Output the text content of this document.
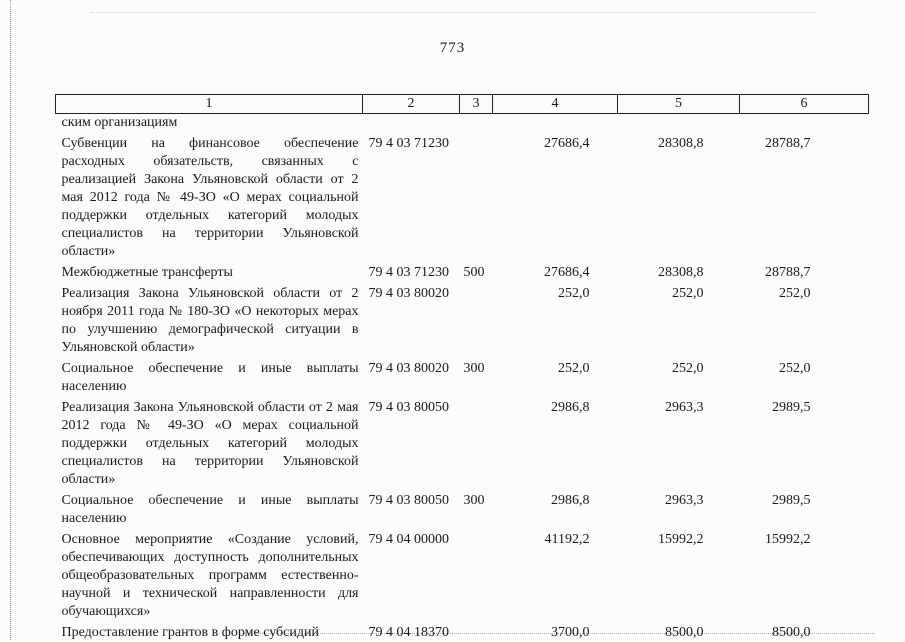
773
1	2	3	4	5	6
ским организациям					
Субвенции на финансовое обеспечение расходных обязательств, связанных с реализацией Закона Ульяновской области от 2 мая 2012 года № 49-ЗО «О мерах социальной поддержки отдельных категорий молодых специалистов на территории Ульяновской области»	79 4 03 71230		27686,4	28308,8	28788,7
Межбюджетные трансферты	79 4 03 71230	500	27686,4	28308,8	28788,7
Реализация Закона Ульяновской области от 2 ноября 2011 года № 180-ЗО «О некоторых мерах по улучшению демографической ситуации в Ульяновской области»	79 4 03 80020		252,0	252,0	252,0
Социальное обеспечение и иные выплаты населению	79 4 03 80020	300	252,0	252,0	252,0
Реализация Закона Ульяновской области от 2 мая 2012 года № 49-ЗО «О мерах социальной поддержки отдельных категорий молодых специалистов на территории Ульяновской области»	79 4 03 80050		2986,8	2963,3	2989,5
Социальное обеспечение и иные выплаты населению	79 4 03 80050	300	2986,8	2963,3	2989,5
Основное мероприятие «Создание условий, обеспечивающих доступность дополнительных общеобразовательных программ естественно-научной и технической направленности для обучающихся»	79 4 04 00000		41192,2	15992,2	15992,2
Предоставление грантов в форме субсидий	79 4 04 18370		3700,0	8500,0	8500,0
